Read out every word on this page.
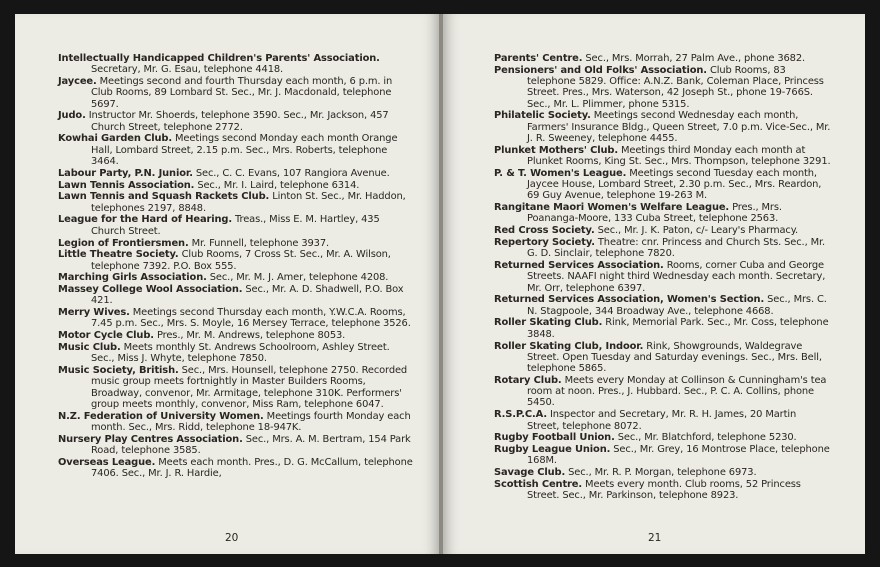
Intellectually Handicapped Children's Parents' Association. Secretary, Mr. G. Esau, telephone 4418.

Jaycee. Meetings second and fourth Thursday each month, 6 p.m. in Club Rooms, 89 Lombard St. Sec., Mr. J. Macdonald, telephone 5697.

Judo. Instructor Mr. Shoerds, telephone 3590. Sec., Mr. Jackson, 457 Church Street, telephone 2772.

Kowhai Garden Club. Meetings second Monday each month Orange Hall, Lombard Street, 2.15 p.m. Sec., Mrs. Roberts, telephone 3464.

Labour Party, P.N. Junior. Sec., C. C. Evans, 107 Rangiora Avenue.

Lawn Tennis Association. Sec., Mr. I. Laird, telephone 6314.

Lawn Tennis and Squash Rackets Club. Linton St. Sec., Mr. Haddon, telephones 2197, 8848.

League for the Hard of Hearing. Treas., Miss E. M. Hartley, 435 Church Street.

Legion of Frontiersmen. Mr. Funnell, telephone 3937.

Little Theatre Society. Club Rooms, 7 Cross St. Sec., Mr. A. Wilson, telephone 7392. P.O. Box 555.

Marching Girls Association. Sec., Mr. M. J. Amer, telephone 4208.

Massey College Wool Association. Sec., Mr. A. D. Shadwell, P.O. Box 421.

Merry Wives. Meetings second Thursday each month, Y.W.C.A. Rooms, 7.45 p.m. Sec., Mrs. S. Moyle, 16 Mersey Terrace, telephone 3526.

Motor Cycle Club. Pres., Mr. M. Andrews, telephone 8053.

Music Club. Meets monthly St. Andrews Schoolroom, Ashley Street. Sec., Miss J. Whyte, telephone 7850.

Music Society, British. Sec., Mrs. Hounsell, telephone 2750. Recorded music group meets fortnightly in Master Builders Rooms, Broadway, convenor, Mr. Armitage, telephone 310K. Performers' group meets monthly, convenor, Miss Ram, telephone 6047.

N.Z. Federation of University Women. Meetings fourth Monday each month. Sec., Mrs. Ridd, telephone 18-947K.

Nursery Play Centres Association. Sec., Mrs. A. M. Bertram, 154 Park Road, telephone 3585.

Overseas League. Meets each month. Pres., D. G. McCallum, telephone 7406. Sec., Mr. J. R. Hardie,

20

Parents' Centre. Sec., Mrs. Morrah, 27 Palm Ave., phone 3682.

Pensioners' and Old Folks' Association. Club Rooms, 83 telephone 5829. Office: A.N.Z. Bank, Coleman Place, Princess Street. Pres., Mrs. Waterson, 42 Joseph St., phone 19-766S. Sec., Mr. L. Plimmer, phone 5315.

Philatelic Society. Meetings second Wednesday each month, Farmers' Insurance Bldg., Queen Street, 7.0 p.m. Vice-Sec., Mr. J. R. Sweeney, telephone 4455.

Plunket Mothers' Club. Meetings third Monday each month at Plunket Rooms, King St. Sec., Mrs. Thompson, telephone 3291.

P. & T. Women's League. Meetings second Tuesday each month, Jaycee House, Lombard Street, 2.30 p.m. Sec., Mrs. Reardon, 69 Guy Avenue, telephone 19-263 M.

Rangitane Maori Women's Welfare League. Pres., Mrs. Poananga-Moore, 133 Cuba Street, telephone 2563.

Red Cross Society. Sec., Mr. J. K. Paton, c/- Leary's Pharmacy.

Repertory Society. Theatre: cnr. Princess and Church Sts. Sec., Mr. G. D. Sinclair, telephone 7820.

Returned Services Association. Rooms, corner Cuba and George Streets. NAAFI night third Wednesday each month. Secretary, Mr. Orr, telephone 6397.

Returned Services Association, Women's Section. Sec., Mrs. C. N. Stagpoole, 344 Broadway Ave., telephone 4668.

Roller Skating Club. Rink, Memorial Park. Sec., Mr. Coss, telephone 3848.

Roller Skating Club, Indoor. Rink, Showgrounds, Waldegrave Street. Open Tuesday and Saturday evenings. Sec., Mrs. Bell, telephone 5865.

Rotary Club. Meets every Monday at Collinson & Cunningham's tea room at noon. Pres., J. Hubbard. Sec., P. C. A. Collins, phone 5450.

R.S.P.C.A. Inspector and Secretary, Mr. R. H. James, 20 Martin Street, telephone 8072.

Rugby Football Union. Sec., Mr. Blatchford, telephone 5230.

Rugby League Union. Sec., Mr. Grey, 16 Montrose Place, telephone 168M.

Savage Club. Sec., Mr. R. P. Morgan, telephone 6973.

Scottish Centre. Meets every month. Club rooms, 52 Princess Street. Sec., Mr. Parkinson, telephone 8923.

21
